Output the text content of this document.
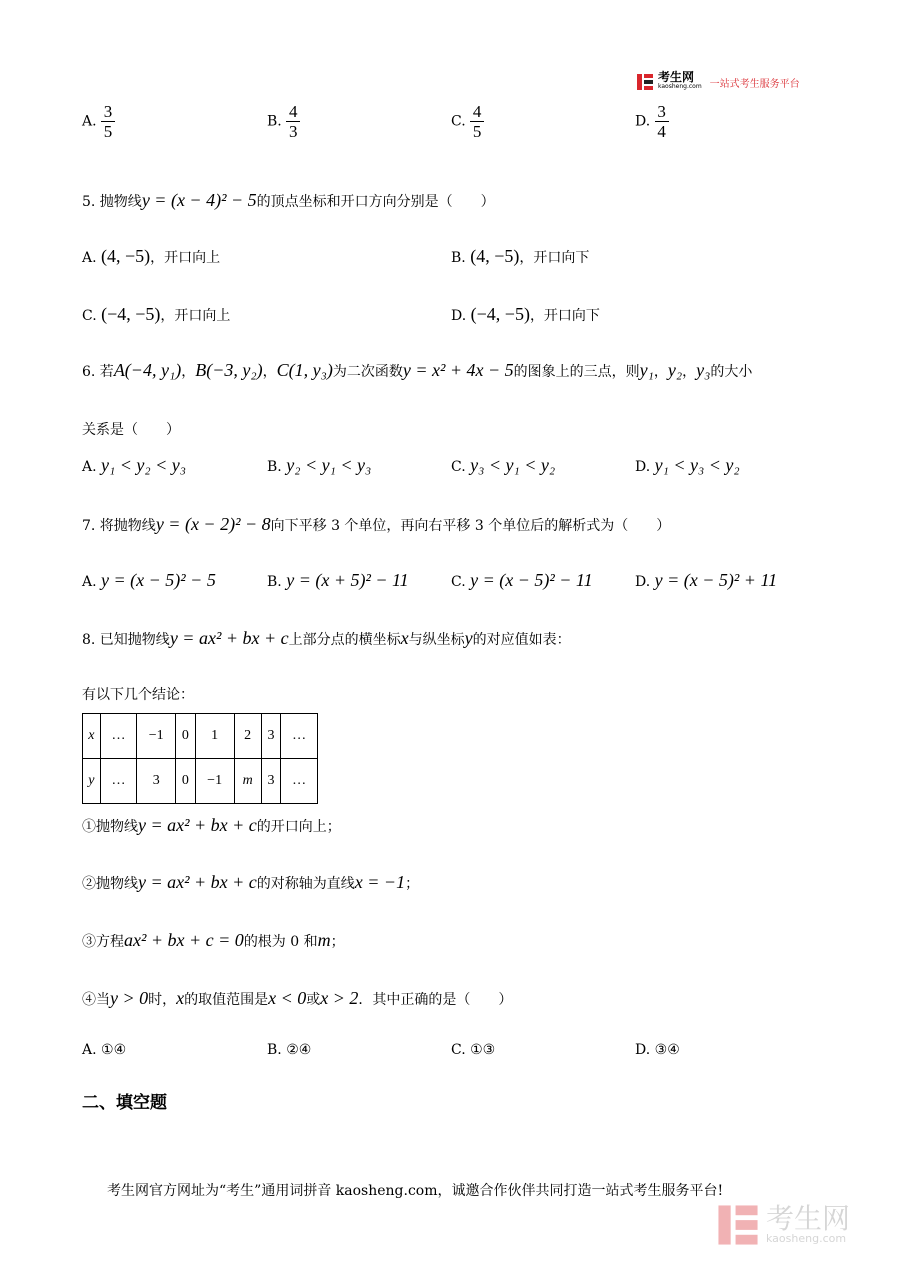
考生网
kaosheng.com 一站式考生服务平台
A. $\frac{3}{5}$	B. $\frac{4}{3}$	C. $\frac{4}{5}$	D. $\frac{3}{4}$
5. 抛物线y = (x − 4)² − 5的顶点坐标和开口方向分别是（　　）
A. (4, −5)，开口向上	B. (4, −5)，开口向下
C. (−4, −5)，开口向上	D. (−4, −5)，开口向下
6. 若A(−4, y₁)，B(−3, y₂)，C(1, y₃)为二次函数y = x² + 4x − 5的图象上的三点，则y₁，y₂，y₃的大小
关系是（　　）
A. y₁ < y₂ < y₃	B. y₂ < y₁ < y₃	C. y₃ < y₁ < y₂	D. y₁ < y₃ < y₂
7. 将抛物线y = (x − 2)² − 8向下平移 3 个单位，再向右平移 3 个单位后的解析式为（　　）
A. y = (x − 5)² − 5	B. y = (x + 5)² − 11	C. y = (x − 5)² − 11	D. y = (x − 5)² + 11
8. 已知抛物线y = ax² + bx + c上部分点的横坐标x与纵坐标y的对应值如表：
有以下几个结论：
x	…	−1	0	1	2	3	…
y	…	3	0	−1	m	3	…
①抛物线y = ax² + bx + c的开口向上；
②抛物线y = ax² + bx + c的对称轴为直线x = −1；
③方程ax² + bx + c = 0的根为 0 和m；
④当y > 0时，x的取值范围是x < 0或x > 2．其中正确的是（　　）
A. ①④	B. ②④	C. ①③	D. ③④
二、填空题
考生网官方网址为“考生”通用词拼音 kaosheng.com，诚邀合作伙伴共同打造一站式考生服务平台!
考生网
kaosheng.com
